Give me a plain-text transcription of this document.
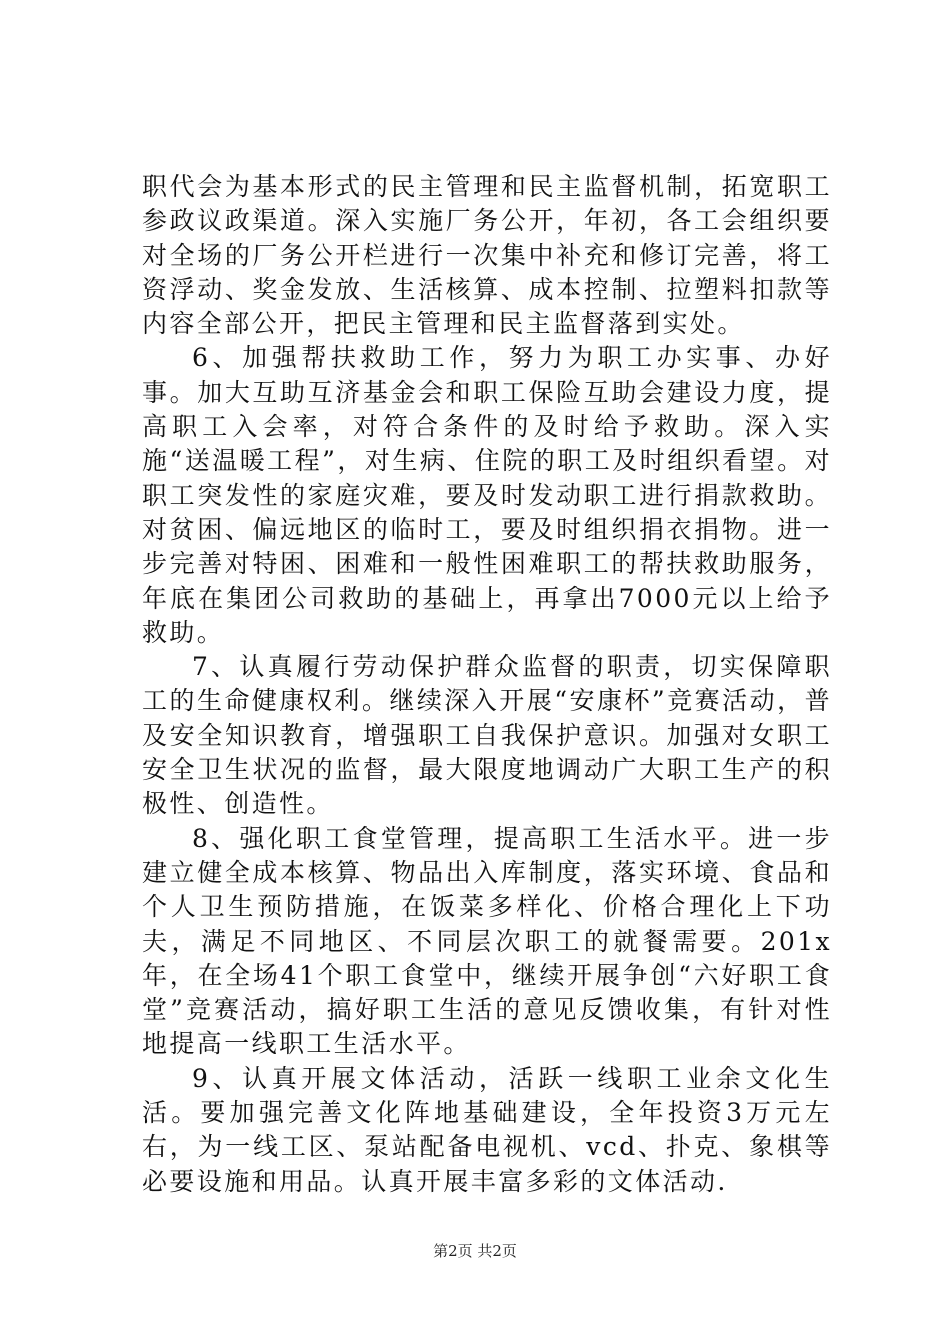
职代会为基本形式的民主管理和民主监督机制，拓宽职工参政议政渠道。深入实施厂务公开，年初，各工会组织要对全场的厂务公开栏进行一次集中补充和修订完善，将工资浮动、奖金发放、生活核算、成本控制、拉塑料扣款等内容全部公开，把民主管理和民主监督落到实处。

6、加强帮扶救助工作，努力为职工办实事、办好事。加大互助互济基金会和职工保险互助会建设力度，提高职工入会率，对符合条件的及时给予救助。深入实施“送温暖工程”，对生病、住院的职工及时组织看望。对职工突发性的家庭灾难，要及时发动职工进行捐款救助。对贫困、偏远地区的临时工，要及时组织捐衣捐物。进一步完善对特困、困难和一般性困难职工的帮扶救助服务，年底在集团公司救助的基础上，再拿出7000元以上给予救助。

7、认真履行劳动保护群众监督的职责，切实保障职工的生命健康权利。继续深入开展“安康杯”竞赛活动，普及安全知识教育，增强职工自我保护意识。加强对女职工安全卫生状况的监督，最大限度地调动广大职工生产的积极性、创造性。

8、强化职工食堂管理，提高职工生活水平。进一步建立健全成本核算、物品出入库制度，落实环境、食品和个人卫生预防措施，在饭菜多样化、价格合理化上下功夫，满足不同地区、不同层次职工的就餐需要。201x年，在全场41个职工食堂中，继续开展争创“六好职工食堂”竞赛活动，搞好职工生活的意见反馈收集，有针对性地提高一线职工生活水平。

9、认真开展文体活动，活跃一线职工业余文化生活。要加强完善文化阵地基础建设，全年投资3万元左右，为一线工区、泵站配备电视机、vcd、扑克、象棋等必要设施和用品。认真开展丰富多彩的文体活动.

第2页 共2页
